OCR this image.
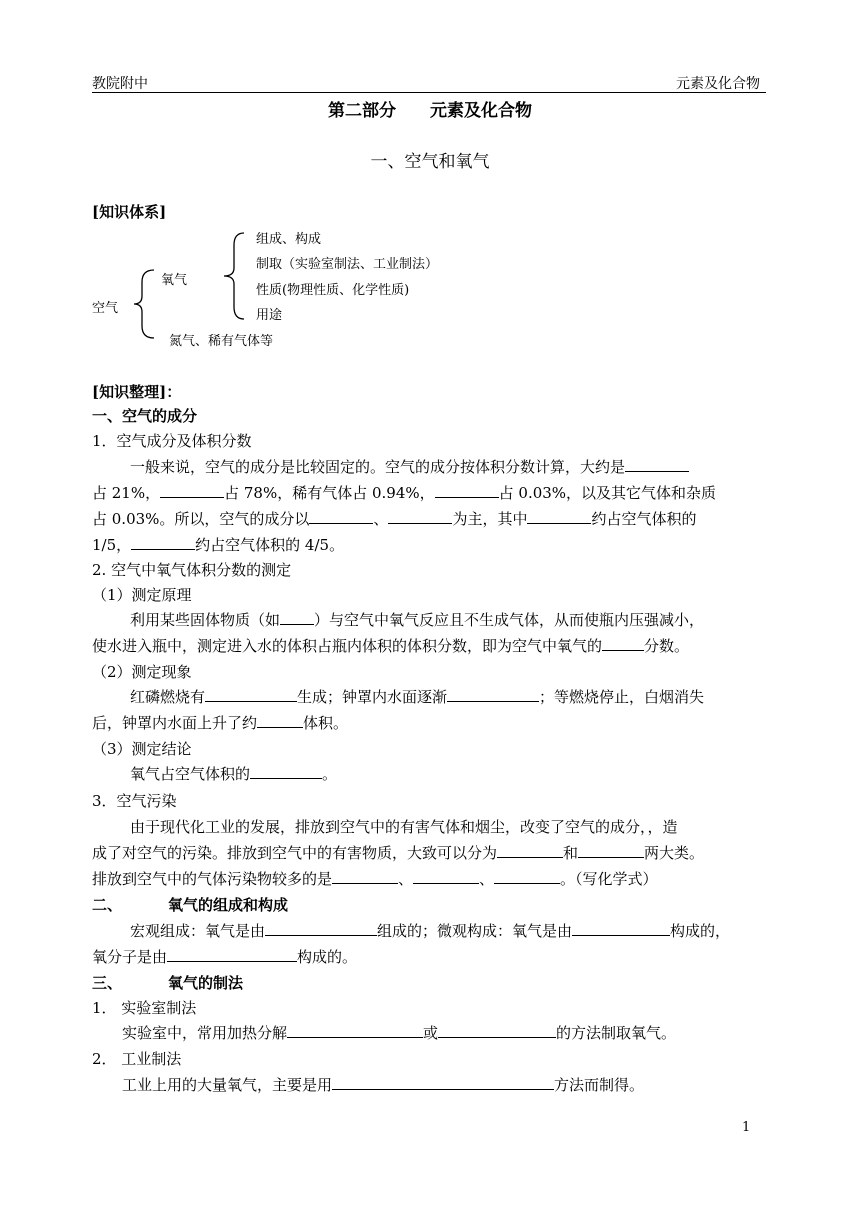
教院附中	元素及化合物
第二部分　　元素及化合物
一、空气和氧气
[知识体系]
空气
氧气
氮气、稀有气体等
组成、构成
制取（实验室制法、工业制法）
性质(物理性质、化学性质)
用途
[知识整理]：
一、空气的成分
1．空气成分及体积分数
一般来说，空气的成分是比较固定的。空气的成分按体积分数计算，大约是
占 21%，	占 78%，稀有气体占 0.94%，	占 0.03%，以及其它气体和杂质
占 0.03%。所以，空气的成分以	、	为主，其中	约占空气体积的
1/5，	约占空气体积的 4/5。
2. 空气中氧气体积分数的测定
（1）测定原理
利用某些固体物质（如 ）与空气中氧气反应且不生成气体，从而使瓶内压强减小，
使水进入瓶中，测定进入水的体积占瓶内体积的体积分数，即为空气中氧气的	分数。
（2）测定现象
红磷燃烧有	生成；钟罩内水面逐渐	；等燃烧停止，白烟消失
后，钟罩内水面上升了约	体积。
（3）测定结论
氧气占空气体积的	。
3．空气污染
由于现代化工业的发展，排放到空气中的有害气体和烟尘，改变了空气的成分，，造
成了对空气的污染。排放到空气中的有害物质，大致可以分为	和	两大类。
排放到空气中的气体污染物较多的是	、	、	。（写化学式）
二、	氧气的组成和构成
宏观组成：氧气是由	组成的；微观构成：氧气是由	构成的，
氧分子是由	构成的。
三、	氧气的制法
1． 实验室制法
实验室中，常用加热分解	或	的方法制取氧气。
2． 工业制法
工业上用的大量氧气，主要是用	方法而制得。
1
